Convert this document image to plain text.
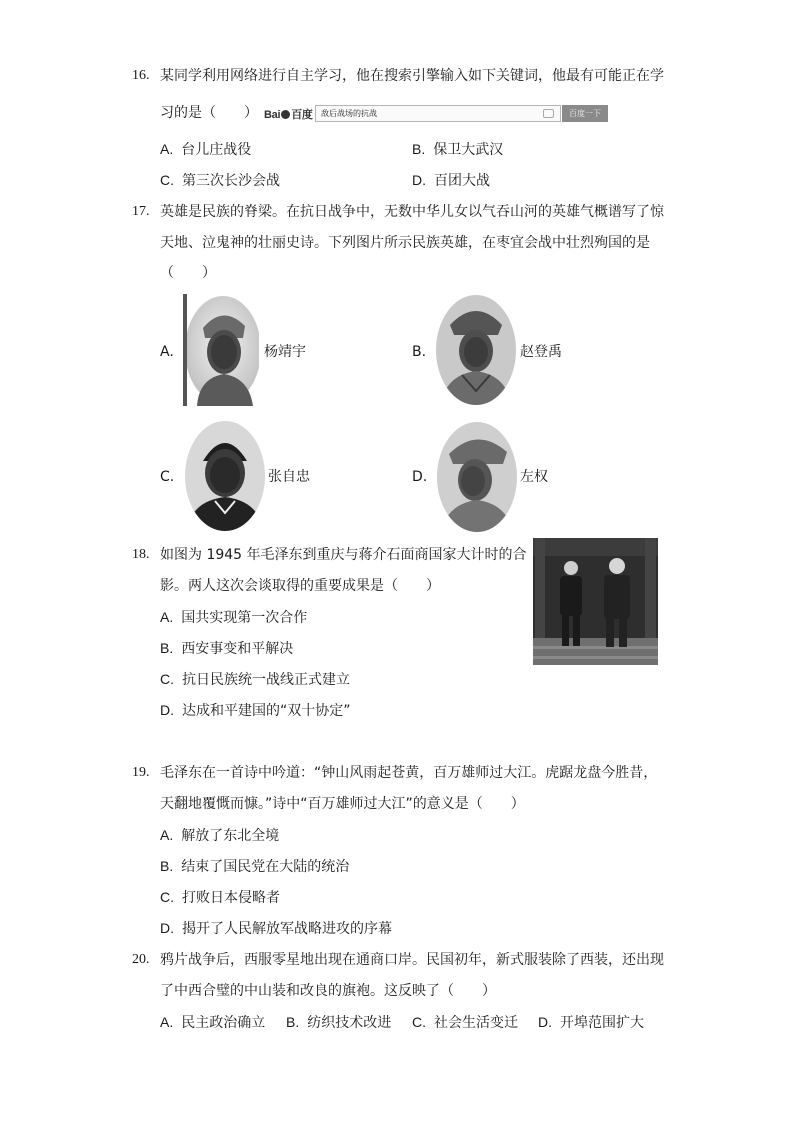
16. 某同学利用网络进行自主学习，他在搜索引擎输入如下关键词，他最有可能正在学
习的是（　　） Bai 百度 敌后战场的抗战	百度一下
A. 台儿庄战役	B. 保卫大武汉
C. 第三次长沙会战	D. 百团大战
17. 英雄是民族的脊梁。在抗日战争中，无数中华儿女以气吞山河的英雄气概谱写了惊
天地、泣鬼神的壮丽史诗。下列图片所示民族英雄，在枣宜会战中壮烈殉国的是
（　　）
A.	杨靖宇	B.	赵登禹
C.	张自忠	D.	左权
18. 如图为 1945 年毛泽东到重庆与蒋介石面商国家大计时的合
影。两人这次会谈取得的重要成果是（　　）
A. 国共实现第一次合作
B. 西安事变和平解决
C. 抗日民族统一战线正式建立
D. 达成和平建国的“双十协定”
19. 毛泽东在一首诗中吟道：“钟山风雨起苍黄，百万雄师过大江。虎踞龙盘今胜昔，
天翻地覆慨而慷。”诗中“百万雄师过大江”的意义是（　　）
A. 解放了东北全境
B. 结束了国民党在大陆的统治
C. 打败日本侵略者
D. 揭开了人民解放军战略进攻的序幕
20. 鸦片战争后，西服零星地出现在通商口岸。民国初年，新式服装除了西装，还出现
了中西合璧的中山装和改良的旗袍。这反映了（　　）
A. 民主政治确立 B. 纺织技术改进 C. 社会生活变迁 D. 开埠范围扩大
